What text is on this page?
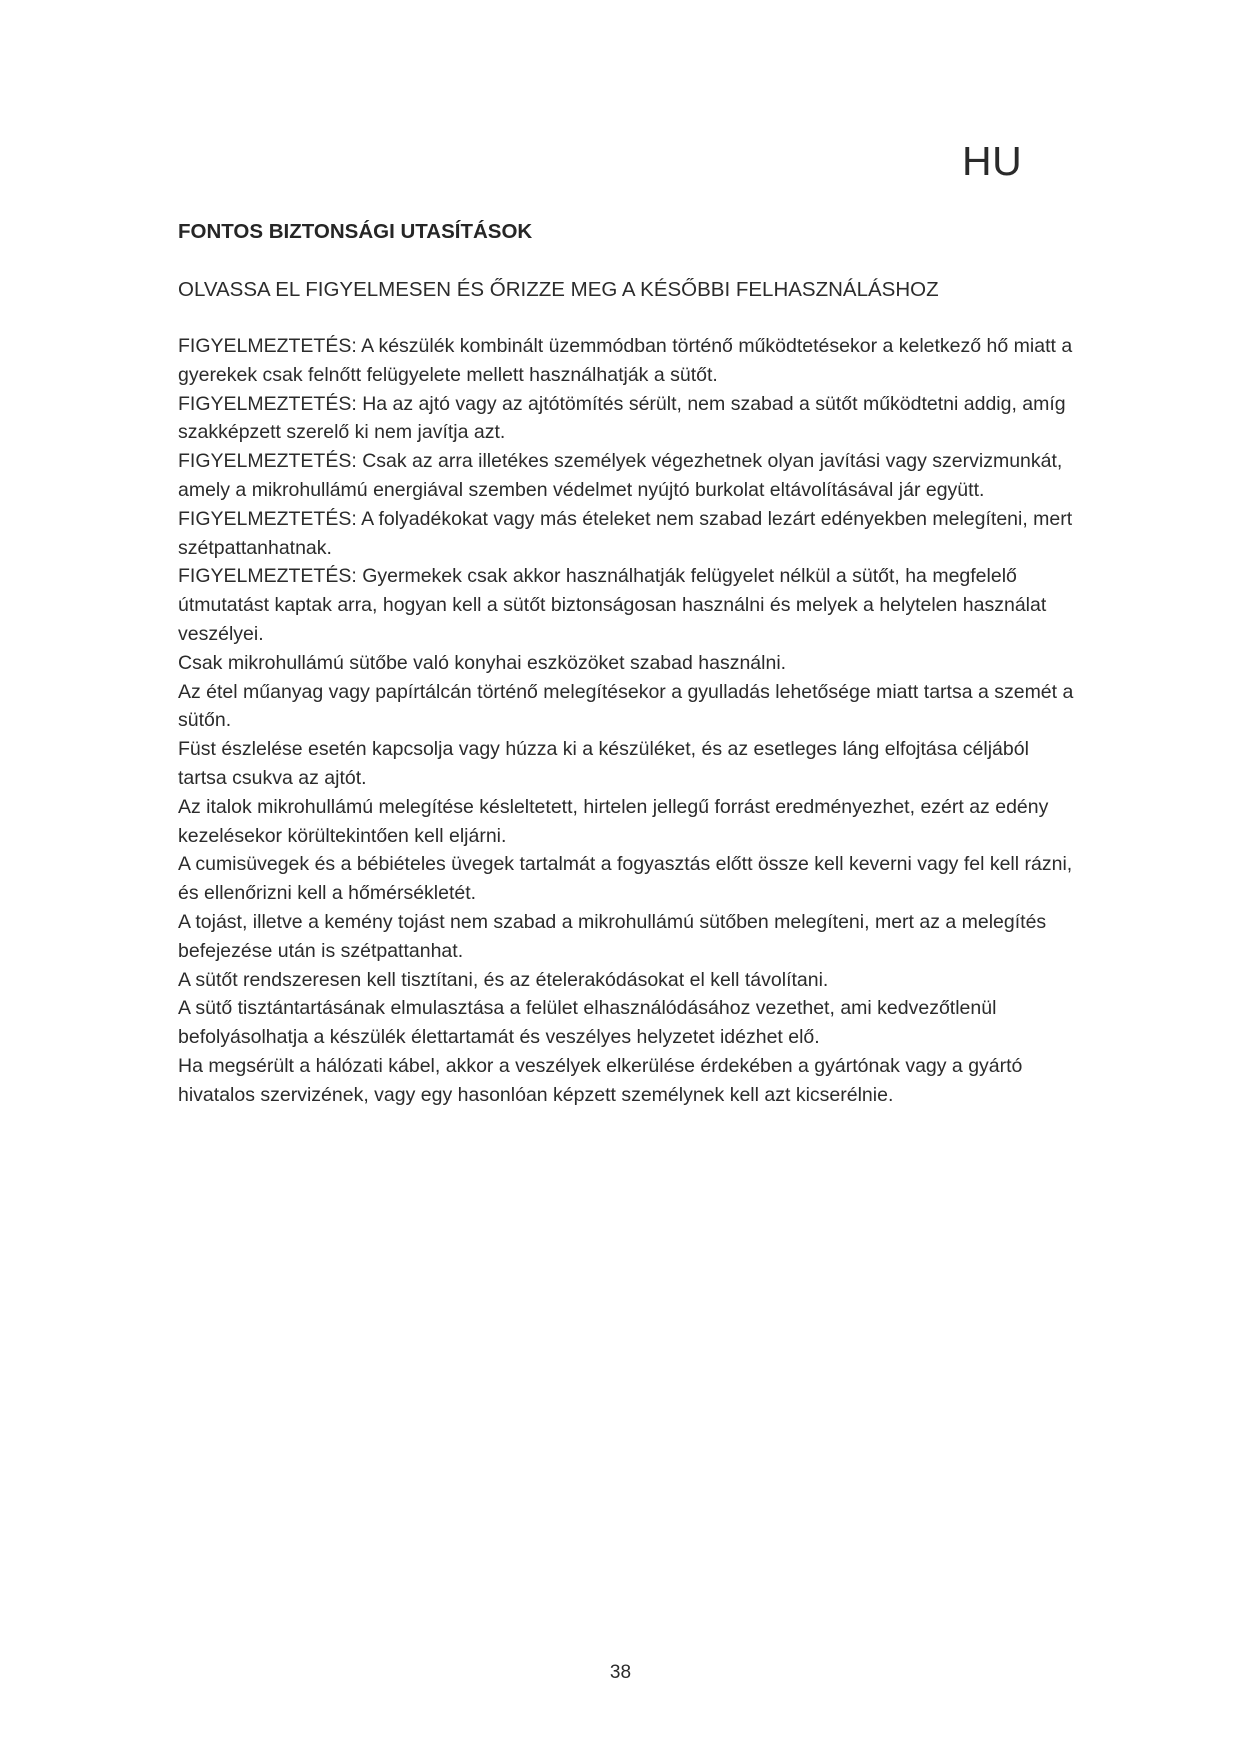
HU
FONTOS BIZTONSÁGI UTASÍTÁSOK

OLVASSA EL FIGYELMESEN ÉS ŐRIZZE MEG A KÉSŐBBI FELHASZNÁLÁSHOZ

FIGYELMEZTETÉS: A készülék kombinált üzemmódban történő működtetésekor a keletkező hő miatt a gyerekek csak felnőtt felügyelete mellett használhatják a sütőt.

FIGYELMEZTETÉS: Ha az ajtó vagy az ajtótömítés sérült, nem szabad a sütőt működtetni addig, amíg szakképzett szerelő ki nem javítja azt.

FIGYELMEZTETÉS: Csak az arra illetékes személyek végezhetnek olyan javítási vagy szervizmunkát, amely a mikrohullámú energiával szemben védelmet nyújtó burkolat eltávolításával jár együtt.

FIGYELMEZTETÉS: A folyadékokat vagy más ételeket nem szabad lezárt edényekben melegíteni, mert szétpattanhatnak.

FIGYELMEZTETÉS: Gyermekek csak akkor használhatják felügyelet nélkül a sütőt, ha megfelelő útmutatást kaptak arra, hogyan kell a sütőt biztonságosan használni és melyek a helytelen használat veszélyei.

Csak mikrohullámú sütőbe való konyhai eszközöket szabad használni.

Az étel műanyag vagy papírtálcán történő melegítésekor a gyulladás lehetősége miatt tartsa a szemét a sütőn.

Füst észlelése esetén kapcsolja vagy húzza ki a készüléket, és az esetleges láng elfojtása céljából tartsa csukva az ajtót.

Az italok mikrohullámú melegítése késleltetett, hirtelen jellegű forrást eredményezhet, ezért az edény kezelésekor körültekintően kell eljárni.

A cumisüvegek és a bébiételes üvegek tartalmát a fogyasztás előtt össze kell keverni vagy fel kell rázni, és ellenőrizni kell a hőmérsékletét.

A tojást, illetve a kemény tojást nem szabad a mikrohullámú sütőben melegíteni, mert az a melegítés befejezése után is szétpattanhat.

A sütőt rendszeresen kell tisztítani, és az ételerakódásokat el kell távolítani.

A sütő tisztántartásának elmulasztása a felület elhasználódásához vezethet, ami kedvezőtlenül befolyásolhatja a készülék élettartamát és veszélyes helyzetet idézhet elő.

Ha megsérült a hálózati kábel, akkor a veszélyek elkerülése érdekében a gyártónak vagy a gyártó hivatalos szervizének, vagy egy hasonlóan képzett személynek kell azt kicserélnie.

38
